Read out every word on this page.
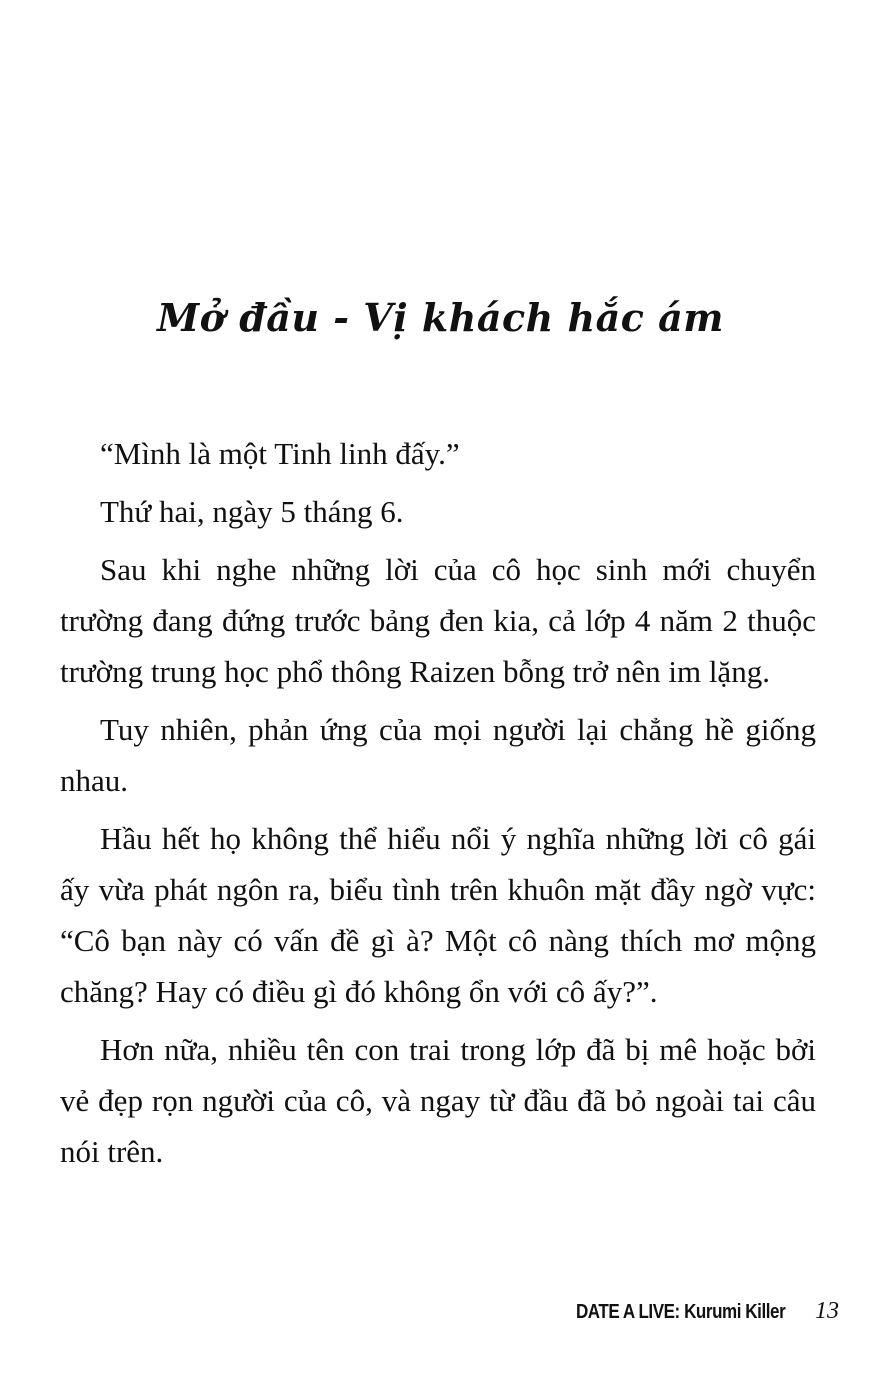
Mở đầu - Vị khách hắc ám

“Mình là một Tinh linh đấy.”

Thứ hai, ngày 5 tháng 6.

Sau khi nghe những lời của cô học sinh mới chuyển trường đang đứng trước bảng đen kia, cả lớp 4 năm 2 thuộc trường trung học phổ thông Raizen bỗng trở nên im lặng.

Tuy nhiên, phản ứng của mọi người lại chẳng hề giống nhau.

Hầu hết họ không thể hiểu nổi ý nghĩa những lời cô gái ấy vừa phát ngôn ra, biểu tình trên khuôn mặt đầy ngờ vực: “Cô bạn này có vấn đề gì à? Một cô nàng thích mơ mộng chăng? Hay có điều gì đó không ổn với cô ấy?”.

Hơn nữa, nhiều tên con trai trong lớp đã bị mê hoặc bởi vẻ đẹp rọn người của cô, và ngay từ đầu đã bỏ ngoài tai câu nói trên.

DATE A LIVE: Kurumi Killer 13
